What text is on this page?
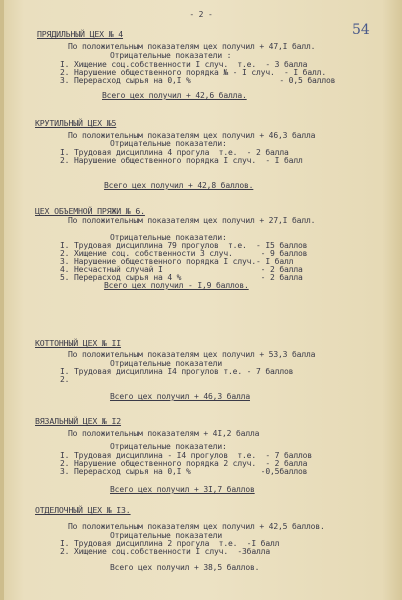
- 2 -
54
ПРЯДИЛЬНЫЙ ЦЕХ № 4
По положительным показателям цех получил + 47,I балл.
Отрицательные показатели :
I. Хищение соц.собственности I случ.  т.е.  - 3 балла
2. Нарушение общественного порядка № - I случ.  - I балл.
3. Перерасход сырья на 0,I %                   - 0,5 баллов
Всего цех получил + 42,6 балла.
КРУТИЛЬНЫЙ ЦЕХ №5
По положительным показателям цех получил + 46,3 балла
Отрицательные показатели:
I. Трудовая дисциплина 4 прогула  т.е.  - 2 балла
2. Нарушение общественного порядка I случ.  - I балл
Всего цех получил + 42,8 баллов.
ЦЕХ ОБЪЕМНОЙ ПРЯЖИ № 6.
По положительным показателям цех получил + 27,I балл.
Отрицательные показатели:
I. Трудовая дисциплина 79 прогулов  т.е.  - I5 баллов
2. Хищение соц. собственности 3 случ.      - 9 баллов
3. Нарушение общественного порядка I случ.- I балл
4. Несчастный случай I                     - 2 балла
5. Перерасход сырья на 4 %                 - 2 балла
Всего цех получил - I,9 баллов.
КОТТОННЫЙ ЦЕХ № II
По положительным показателям цех получил + 53,3 балла
Отрицательные показатели
I. Трудовая дисциплина I4 прогулов т.е. - 7 баллов
2.
Всего цех получил + 46,3 балла
ВЯЗАЛЬНЫЙ ЦЕХ № I2
По положительным показателям + 4I,2 балла
Отрицательные показатели:
I. Трудовая дисциплина - I4 прогулов  т.е.  - 7 баллов
2. Нарушение общественного порядка 2 случ.  - 2 балла
3. Перерасход сырья на 0,I %               -0,5баллов
Всего цех получил + 3I,7 баллов
ОТДЕЛОЧНЫЙ ЦЕХ № I3.
По положительным показателям цех получил + 42,5 баллов.
Отрицательные показатели
I. Трудовая дисциплина 2 прогула  т.е.  -I балл
2. Хищение соц.собственности I случ.  -3балла
Всего цех получил + 38,5 баллов.
